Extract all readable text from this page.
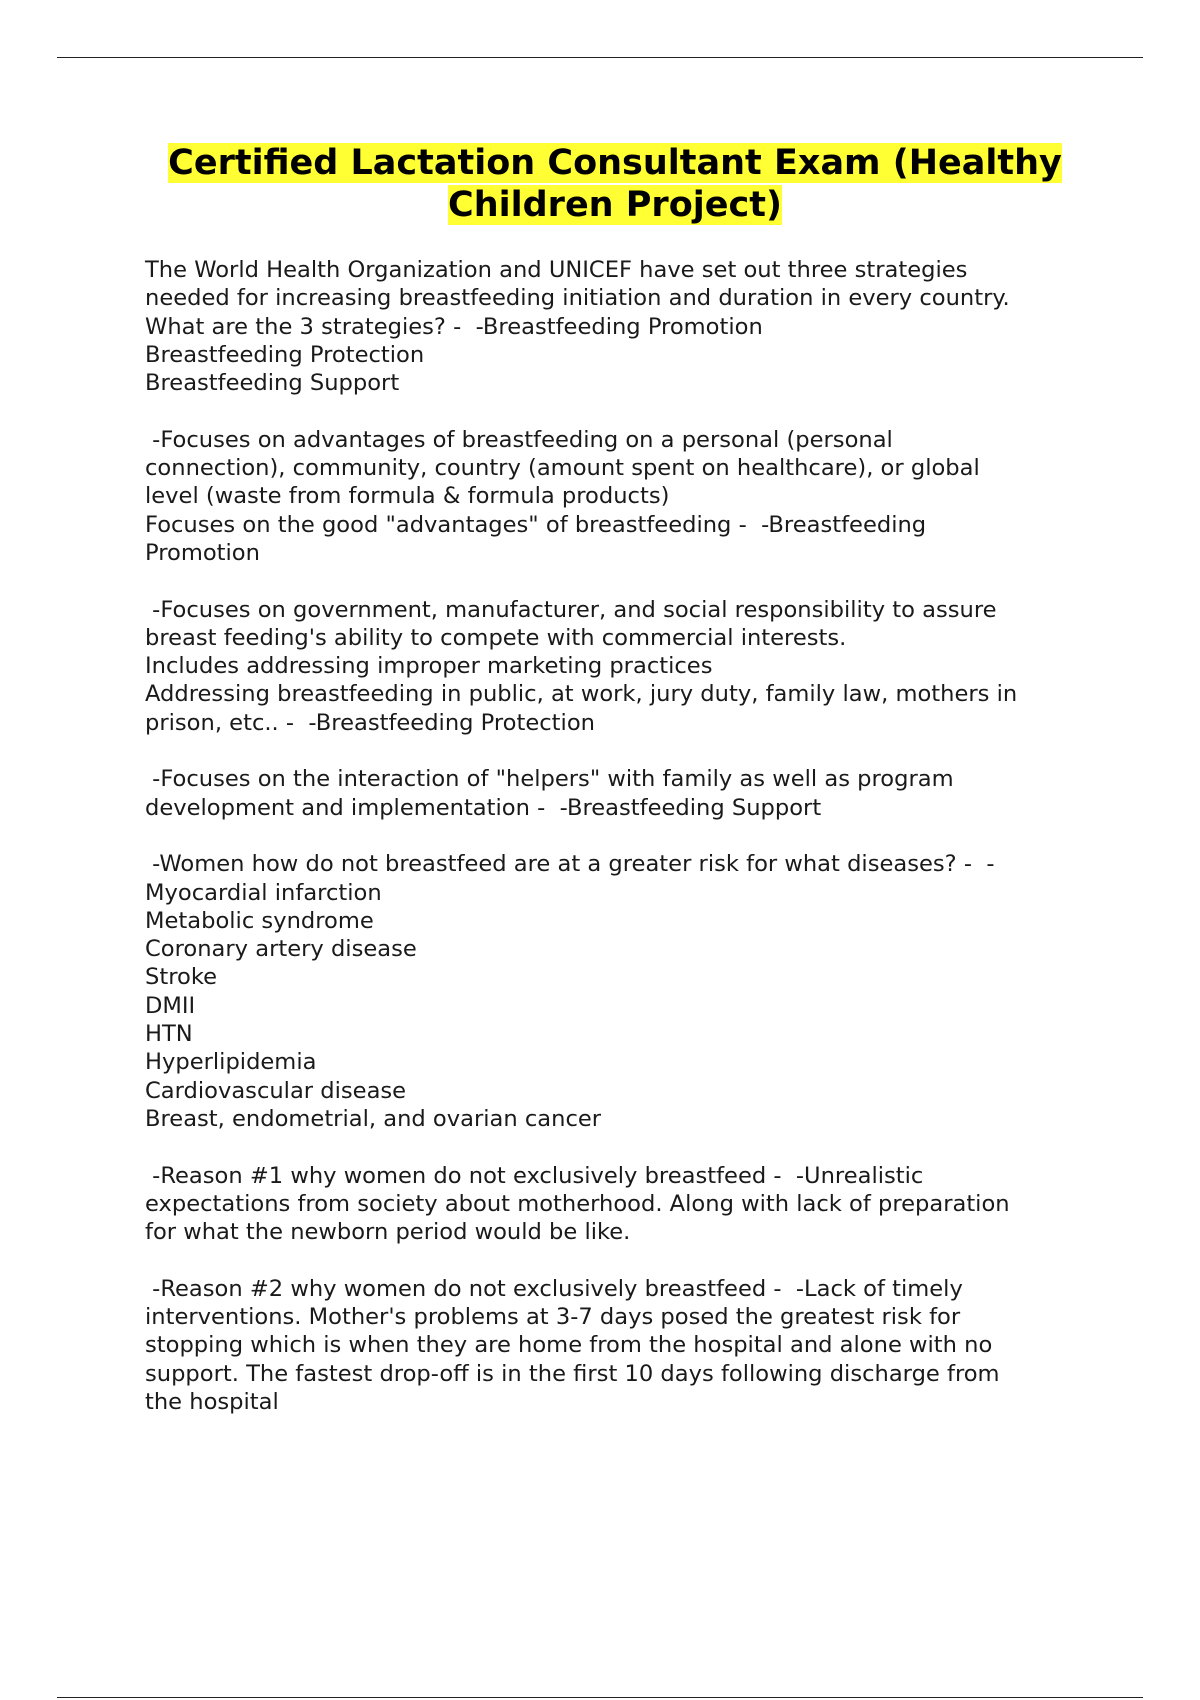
Certified Lactation Consultant Exam (Healthy
Children Project)
The World Health Organization and UNICEF have set out three strategies
needed for increasing breastfeeding initiation and duration in every country.
What are the 3 strategies? -  -Breastfeeding Promotion
Breastfeeding Protection
Breastfeeding Support
-Focuses on advantages of breastfeeding on a personal (personal
connection), community, country (amount spent on healthcare), or global
level (waste from formula & formula products)
Focuses on the good "advantages" of breastfeeding -  -Breastfeeding
Promotion
-Focuses on government, manufacturer, and social responsibility to assure
breast feeding's ability to compete with commercial interests.
Includes addressing improper marketing practices
Addressing breastfeeding in public, at work, jury duty, family law, mothers in
prison, etc.. -  -Breastfeeding Protection
-Focuses on the interaction of "helpers" with family as well as program
development and implementation -  -Breastfeeding Support
-Women how do not breastfeed are at a greater risk for what diseases? -  -
Myocardial infarction
Metabolic syndrome
Coronary artery disease
Stroke
DMII
HTN
Hyperlipidemia
Cardiovascular disease
Breast, endometrial, and ovarian cancer
-Reason #1 why women do not exclusively breastfeed -  -Unrealistic
expectations from society about motherhood. Along with lack of preparation
for what the newborn period would be like.
-Reason #2 why women do not exclusively breastfeed -  -Lack of timely
interventions. Mother's problems at 3-7 days posed the greatest risk for
stopping which is when they are home from the hospital and alone with no
support. The fastest drop-off is in the first 10 days following discharge from
the hospital
